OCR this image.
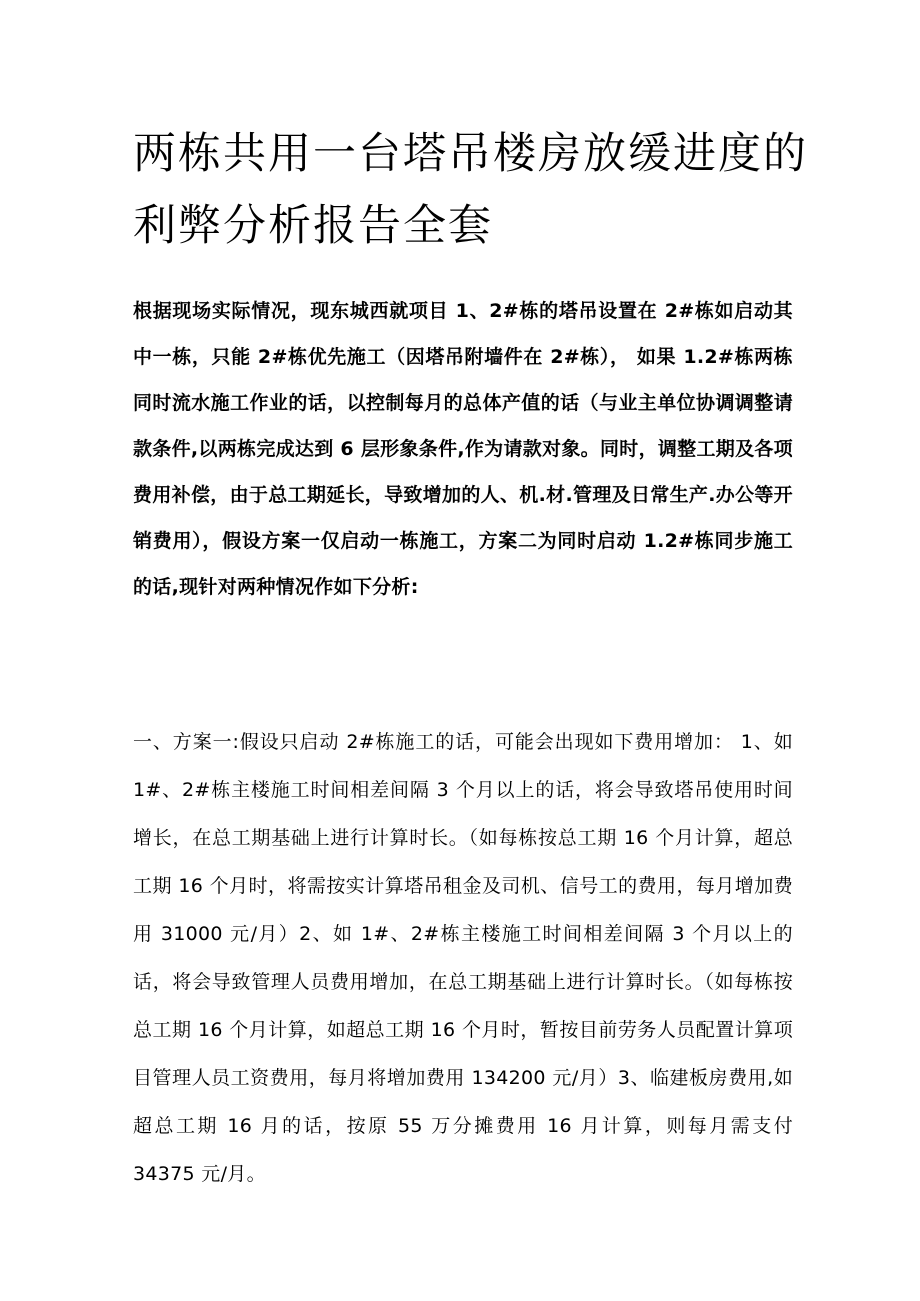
两栋共用一台塔吊楼房放缓进度的利弊分析报告全套

根据现场实际情况，现东城西就项目 1、2#栋的塔吊设置在 2#栋如启动其中一栋，只能 2#栋优先施工（因塔吊附墙件在 2#栋）， 如果 1.2#栋两栋同时流水施工作业的话，以控制每月的总体产值的话（与业主单位协调调整请款条件,以两栋完成达到 6 层形象条件,作为请款对象。同时，调整工期及各项费用补偿，由于总工期延长，导致增加的人、机.材.管理及日常生产.办公等开销费用），假设方案一仅启动一栋施工，方案二为同时启动 1.2#栋同步施工的话,现针对两种情况作如下分析:

一、方案一:假设只启动 2#栋施工的话，可能会出现如下费用增加： 1、如 1#、2#栋主楼施工时间相差间隔 3 个月以上的话，将会导致塔吊使用时间增长，在总工期基础上进行计算时长。（如每栋按总工期 16 个月计算，超总工期 16 个月时，将需按实计算塔吊租金及司机、信号工的费用，每月增加费用 31000 元/月）2、如 1#、2#栋主楼施工时间相差间隔 3 个月以上的话，将会导致管理人员费用增加，在总工期基础上进行计算时长。（如每栋按总工期 16 个月计算，如超总工期 16 个月时，暂按目前劳务人员配置计算项目管理人员工资费用，每月将增加费用 134200 元/月）3、临建板房费用,如超总工期 16 月的话，按原 55 万分摊费用 16 月计算，则每月需支付 34375 元/月。
